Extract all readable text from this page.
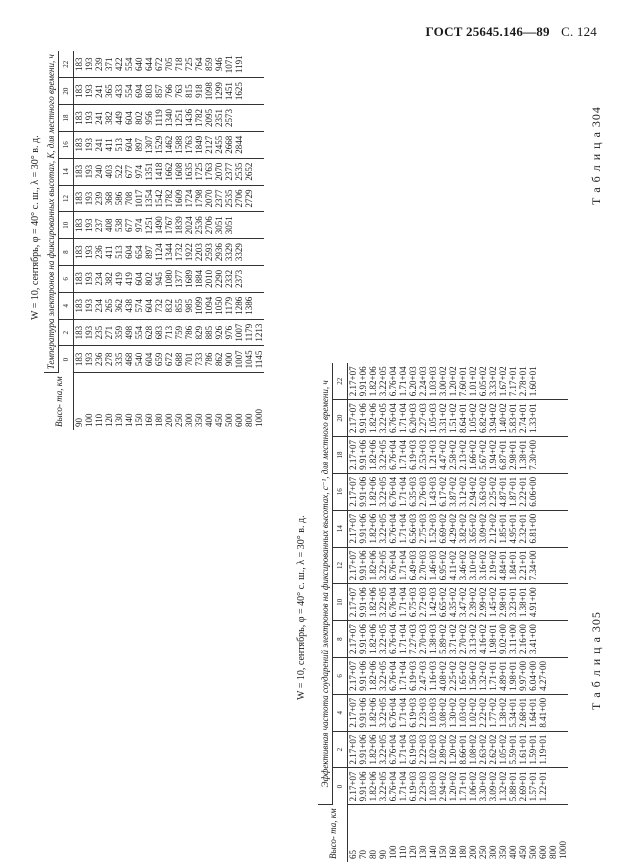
ГОСТ 25645.146—89 С. 124
Т а б л и ц а 304
W = 10, сентябрь, φ = 40° с. ш., λ = 30° в. д.
Высо- та, км	Температура электронов на фиксированных высотах, К, для местного времени, ч											
	0	2	4	6	8	10	12	14	16	18	20	22
90	183	183	183	183	183	183	183	183	183	183	183	183
100	193	193	193	193	193	193	193	193	193	193	193	193
110	236	235	234	234	236	237	239	240	241	241	241	239
120	278	271	265	382	411	408	368	403	411	382	365	371
130	335	359	362	419	513	538	586	522	513	449	433	422
140	468	498	438	419	604	677	708	677	604	604	554	554
150	540	554	574	604	654	974	1017	974	897	802	694	640
160	604	628	604	802	897	1251	1354	1351	1307	956	803	644
180	659	683	732	945	1124	1490	1542	1418	1529	1119	857	672
200	672	713	832	1080	1344	1767	1782	1662	1462	1340	766	705
250	688	759	855	1377	1732	1839	1609	1608	1588	1251	763	718
300	701	786	985	1689	1922	2024	1724	1635	1763	1436	815	725
350	733	829	1099	1884	2203	2536	1798	1725	1849	1782	918	764
400	786	885	1094	2010	2593	2706	2070	1763	2127	2095	1098	859
450	862	926	1050	2290	2936	3051	2377	2070	2455	2351	1299	946
500	900	976	1179	2332	3329	3051	2535	2377	2668	2573	1451	1071
600	1007	1007	1286	2373	3329		2706	2535	2844		1625	1191
800	1045	1179	1386				2729	2652				
1000	1145	1213										
Т а б л и ц а 305
W = 10, сентябрь, φ = 40° с. ш., λ = 30° в. д.
Высо- та, км	Эффективная частота соударений электронов на фиксированных высотах, с⁻¹, для местного времени, ч											
	0	2	4	6	8	10	12	14	16	18	20	22
65	2.17+07	2.17+07	2.17+07	2.17+07	2.17+07	2.17+07	2.17+07	2.17+07	2.17+07	2.17+07	2.17+07	2.17+07
70	9.91+06	9.91+06	9.91+06	9.91+06	9.91+06	9.91+06	9.91+06	9.91+06	9.91+06	9.91+06	9.91+06	9.91+06
80	1.82+06	1.82+06	1.82+06	1.82+06	1.82+06	1.82+06	1.82+06	1.82+06	1.82+06	1.82+06	1.82+06	1.82+06
90	3.22+05	3.22+05	3.22+05	3.22+05	3.22+05	3.22+05	3.22+05	3.22+05	3.22+05	3.22+05	3.22+05	3.22+05
100	6.76+04	6.76+04	6.76+04	6.76+04	6.76+04	6.76+04	6.76+04	6.76+04	6.76+04	6.76+04	6.76+04	6.76+04
110	1.71+04	1.71+04	1.71+04	1.71+04	1.71+04	1.71+04	1.71+04	1.71+04	1.71+04	1.71+04	1.71+04	1.71+04
120	6.19+03	6.19+03	6.19+03	6.19+03	7.27+03	6.75+03	6.49+03	6.56+03	6.35+03	6.19+03	6.20+03	6.20+03
130	2.23+03	2.22+03	2.23+03	2.47+03	2.70+03	2.72+03	2.70+03	2.75+03	2.76+03	2.53+03	2.27+03	2.24+03
140	1.03+03	1.02+03	1.03+03	1.16+03	1.38+03	1.42+03	1.46+03	1.52+03	1.43+03	1.21+03	1.05+03	1.03+03
150	2.94+02	2.89+02	3.08+02	4.08+02	5.89+02	6.65+02	6.95+02	6.69+02	6.17+02	4.47+02	3.31+02	3.00+02
160	1.20+02	1.20+02	1.30+02	2.25+02	3.71+02	4.35+02	4.11+02	4.29+02	3.87+02	2.58+02	1.51+02	1.20+02
180	1.71+01	8.66+01	1.03+02	1.65+02	2.70+02	3.47+02	3.46+02	3.82+02	3.12+02	2.13+02	8.64+01	7.60+01
200	1.06+02	1.08+02	1.02+02	1.56+02	3.13+02	2.39+02	3.10+02	3.65+02	2.94+02	1.66+02	1.05+02	1.01+02
250	3.30+02	2.63+02	2.22+02	1.32+02	4.16+02	2.99+02	3.16+02	3.09+02	3.63+02	5.67+02	6.82+02	6.05+02
300	3.09+02	2.62+02	1.77+02	1.71+01	1.98+01	1.45+02	2.19+02	2.12+02	2.25+02	1.94+02	3.94+02	3.33+02
350	1.32+02	1.05+02	1.38+02	4.89+01	9.02+00	2.98+01	4.84+01	1.85+01	4.87+01	6.87+01	1.40+02	1.67+02
400	5.88+01	5.59+01	5.34+01	1.98+01	3.11+00	3.23+01	1.84+01	4.95+01	1.87+01	2.98+01	5.83+01	7.17+01
450	2.69+01	1.61+01	2.68+01	9.97+00	2.16+00	1.38+01	2.21+01	2.32+01	2.22+01	1.38+01	2.74+01	2.78+01
500	1.57+01	1.59+01	1.64+01	6.04+00	3.41+00	4.91+00	7.34+00	6.81+00	6.06+00	7.30+00	1.33+01	1.60+01
600	1.22+01	1.19+01	8.41+00	4.27+00								
800												
1000												
